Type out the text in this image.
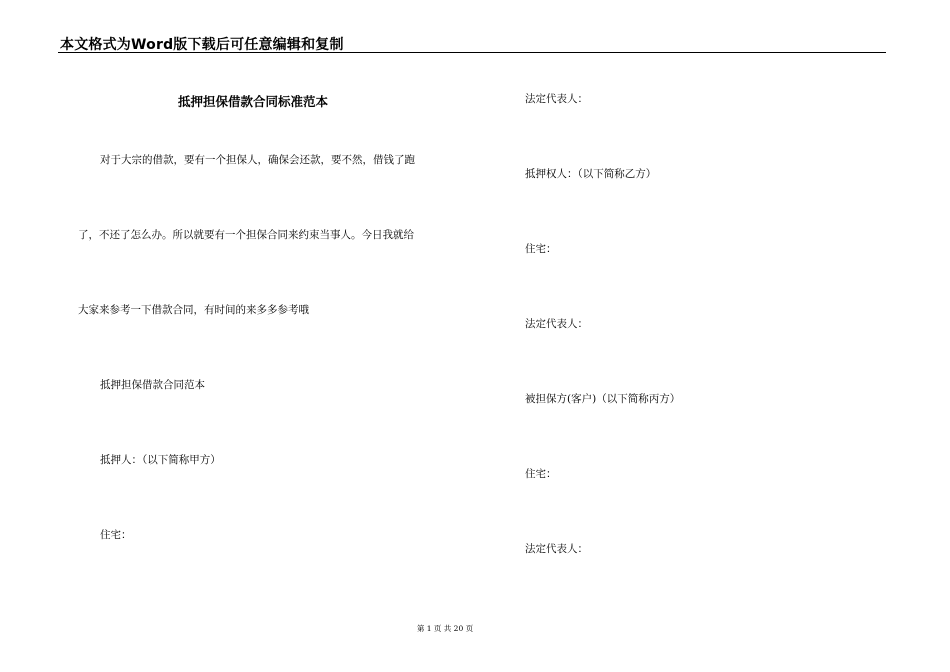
本文格式为Word版下载后可任意编辑和复制
抵押担保借款合同标准范本
对于大宗的借款，要有一个担保人，确保会还款，要不然，借钱了跑
了，不还了怎么办。所以就要有一个担保合同来约束当事人。今日我就给
大家来参考一下借款合同，有时间的来多多参考哦
抵押担保借款合同范本
抵押人：（以下简称甲方）
住宅：
法定代表人：
抵押权人：（以下简称乙方）
住宅：
法定代表人：
被担保方(客户)（以下简称丙方）
住宅：
法定代表人：
第 1 页 共 20 页
